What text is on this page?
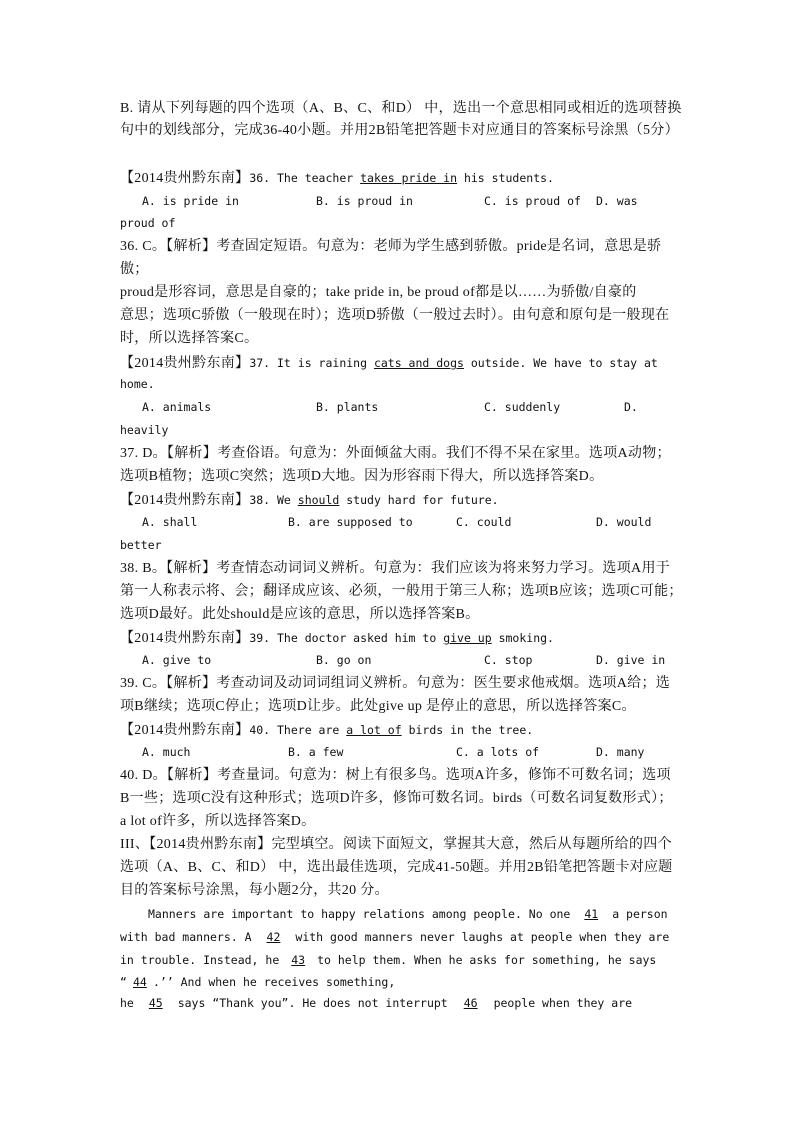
B. 请从下列每题的四个选项（A、B、C、和D） 中，选出一个意思相同或相近的选项替换
句中的划线部分，完成36-40小题。并用2B铅笔把答题卡对应通目的答案标号涂黑（5分）
【2014贵州黔东南】36. The teacher takes pride in his students.
A. is pride in	B. is proud in	C. is proud of D. was
proud of
36. C。【解析】考查固定短语。句意为：老师为学生感到骄傲。pride是名词，意思是骄
傲；
proud是形容词，意思是自豪的；take pride in, be proud of都是以……为骄傲/自豪的
意思；选项C骄傲（一般现在时）；选项D骄傲（一般过去时）。由句意和原句是一般现在
时，所以选择答案C。
【2014贵州黔东南】37. It is raining cats and dogs outside. We have to stay at
home.
A. animals	B. plants	C. suddenly	D.
heavily
37. D。【解析】考查俗语。句意为：外面倾盆大雨。我们不得不呆在家里。选项A动物；
选项B植物；选项C突然；选项D大地。因为形容雨下得大，所以选择答案D。
【2014贵州黔东南】38. We should study hard for future.
A. shall	B. are supposed to	C. could	D. would
better
38. B。【解析】考查情态动词词义辨析。句意为：我们应该为将来努力学习。选项A用于
第一人称表示将、会；翻译成应该、必须，一般用于第三人称；选项B应该；选项C可能；
选项D最好。此处should是应该的意思，所以选择答案B。
【2014贵州黔东南】39. The doctor asked him to give up smoking.
A. give to	B. go on	C. stop	D. give in
39. C。【解析】考查动词及动词词组词义辨析。句意为：医生要求他戒烟。选项A给；选
项B继续；选项C停止；选项D让步。此处give up 是停止的意思，所以选择答案C。
【2014贵州黔东南】40. There are a lot of birds in the tree.
A. much	B. a few	C. a lots of	D. many
40. D。【解析】考查量词。句意为：树上有很多鸟。选项A许多，修饰不可数名词；选项
B一些；选项C没有这种形式；选项D许多，修饰可数名词。birds（可数名词复数形式）；
a lot of许多，所以选择答案D。
III、【2014贵州黔东南】完型填空。阅读下面短文，掌握其大意，然后从每题所给的四个
选项（A、B、C、和D） 中，选出最佳选项，完成41-50题。并用2B铅笔把答题卡对应题
目的答案标号涂黑，每小题2分，共20 分。
Manners are important to happy relations among people. No one 41 a person
with bad manners. A 42 with good manners never laughs at people when they are
in trouble. Instead, he 43 to help them. When he asks for something, he says
“ 44 .’’ And when he receives something,
he 45 says “Thank you”. He does not interrupt 46 people when they are
